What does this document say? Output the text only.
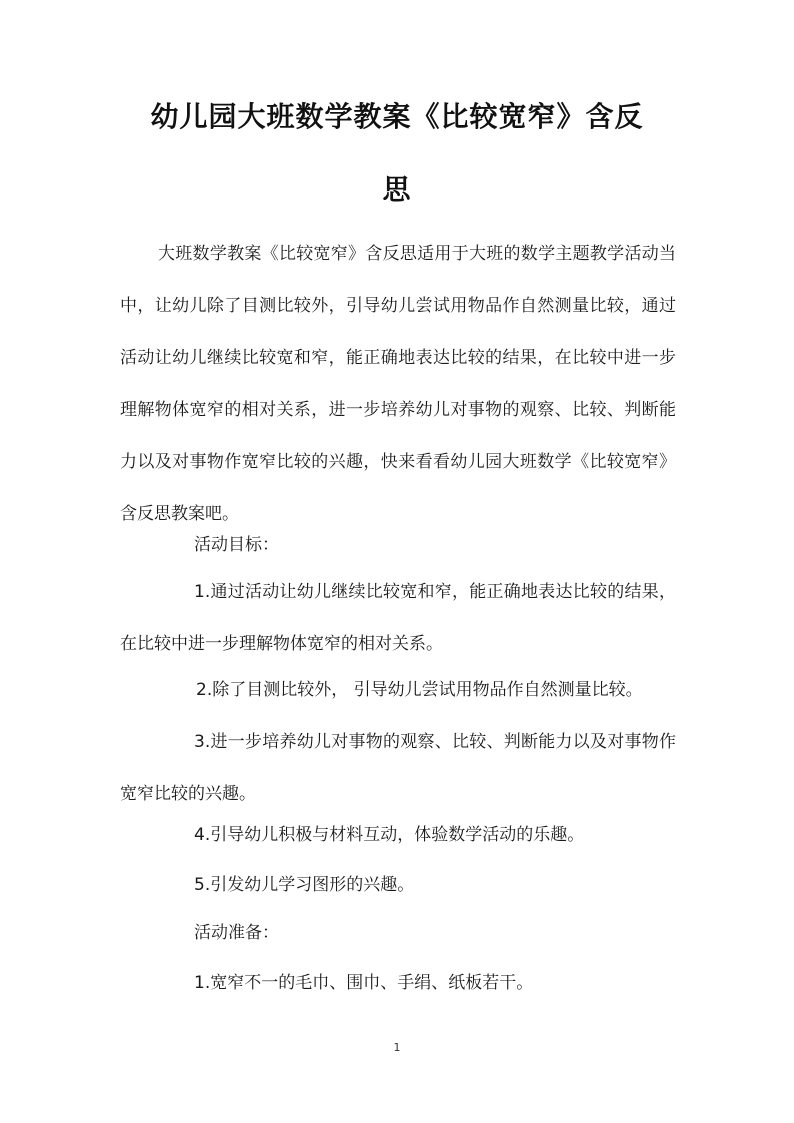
幼儿园大班数学教案《比较宽窄》含反
思

大班数学教案《比较宽窄》含反思适用于大班的数学主题教学活动当中，让幼儿除了目测比较外，引导幼儿尝试用物品作自然测量比较，通过活动让幼儿继续比较宽和窄，能正确地表达比较的结果，在比较中进一步理解物体宽窄的相对关系，进一步培养幼儿对事物的观察、比较、判断能力以及对事物作宽窄比较的兴趣，快来看看幼儿园大班数学《比较宽窄》含反思教案吧。

活动目标：

1.通过活动让幼儿继续比较宽和窄，能正确地表达比较的结果，在比较中进一步理解物体宽窄的相对关系。

2.除了目测比较外， 引导幼儿尝试用物品作自然测量比较。

3.进一步培养幼儿对事物的观察、比较、判断能力以及对事物作宽窄比较的兴趣。

4.引导幼儿积极与材料互动，体验数学活动的乐趣。

5.引发幼儿学习图形的兴趣。

活动准备：

1.宽窄不一的毛巾、围巾、手绢、纸板若干。

1
